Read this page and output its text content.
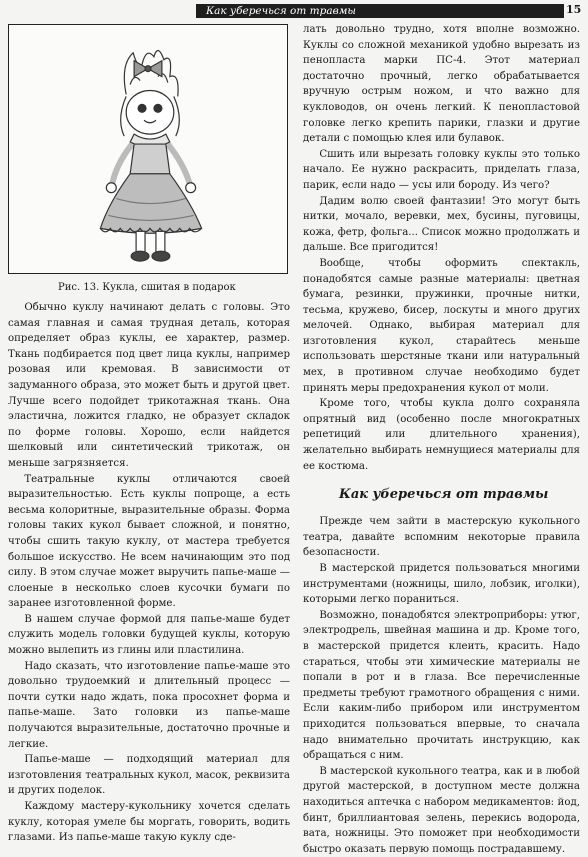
Как уберечься от травмы	15
Рис. 13. Кукла, сшитая в подарок

Обычно куклу начинают делать с головы. Это самая главная и самая трудная деталь, которая определяет образ куклы, ее характер, размер. Ткань подбирается под цвет лица куклы, например розовая или кремовая. В зависимости от задуманного образа, это может быть и другой цвет. Лучше всего подойдет трикотажная ткань. Она эластична, ложится гладко, не образует складок по форме головы. Хорошо, если найдется шелковый или синтетический трикотаж, он меньше загрязняется.

Театральные куклы отличаются своей выразительностью. Есть куклы попроще, а есть весьма колоритные, выразительные образы. Форма головы таких кукол бывает сложной, и понятно, чтобы сшить такую куклу, от мастера требуется большое искусство. Не всем начинающим это под силу. В этом случае может выручить папье-маше — слоеные в несколько слоев кусочки бумаги по заранее изготовленной форме.

В нашем случае формой для папье-маше будет служить модель головки будущей куклы, которую можно вылепить из глины или пластилина.

Надо сказать, что изготовление папье-маше это довольно трудоемкий и длительный процесс — почти сутки надо ждать, пока просохнет форма и папье-маше. Зато головки из папье-маше получаются выразительные, достаточно прочные и легкие.

Папье-маше — подходящий материал для изготовления театральных кукол, масок, реквизита и других поделок.

Каждому мастеру-кукольнику хочется сделать куклу, которая умеле бы моргать, говорить, водить глазами. Из папье-маше такую куклу сде-

лать довольно трудно, хотя вполне возможно. Куклы со сложной механикой удобно вырезать из пенопласта марки ПС-4. Этот материал достаточно прочный, легко обрабатывается вручную острым ножом, и что важно для кукловодов, он очень легкий. К пенопластовой головке легко крепить парики, глазки и другие детали с помощью клея или булавок.

Сшить или вырезать головку куклы это только начало. Ее нужно раскрасить, приделать глаза, парик, если надо — усы или бороду. Из чего?

Дадим волю своей фантазии! Это могут быть нитки, мочало, веревки, мех, бусины, пуговицы, кожа, фетр, фольга... Список можно продолжать и дальше. Все пригодится!

Вообще, чтобы оформить спектакль, понадобятся самые разные материалы: цветная бумага, резинки, пружинки, прочные нитки, тесьма, кружево, бисер, лоскуты и много других мелочей. Однако, выбирая материал для изготовления кукол, старайтесь меньше использовать шерстяные ткани или натуральный мех, в противном случае необходимо будет принять меры предохранения кукол от моли.

Кроме того, чтобы кукла долго сохраняла опрятный вид (особенно после многократных репетиций или длительного хранения), желательно выбирать немнущиеся материалы для ее костюма.

Как уберечься от травмы

Прежде чем зайти в мастерскую кукольного театра, давайте вспомним некоторые правила безопасности.

В мастерской придется пользоваться многими инструментами (ножницы, шило, лобзик, иголки), которыми легко пораниться.

Возможно, понадобятся электроприборы: утюг, электродрель, швейная машина и др. Кроме того, в мастерской придется клеить, красить. Надо стараться, чтобы эти химические материалы не попали в рот и в глаза. Все перечисленные предметы требуют грамотного обращения с ними. Если каким-либо прибором или инструментом приходится пользоваться впервые, то сначала надо внимательно прочитать инструкцию, как обращаться с ним.

В мастерской кукольного театра, как и в любой другой мастерской, в доступном месте должна находиться аптечка с набором медикаментов: йод, бинт, бриллиантовая зелень, перекись водорода, вата, ножницы. Это поможет при необходимости быстро оказать первую помощь пострадавшему.
